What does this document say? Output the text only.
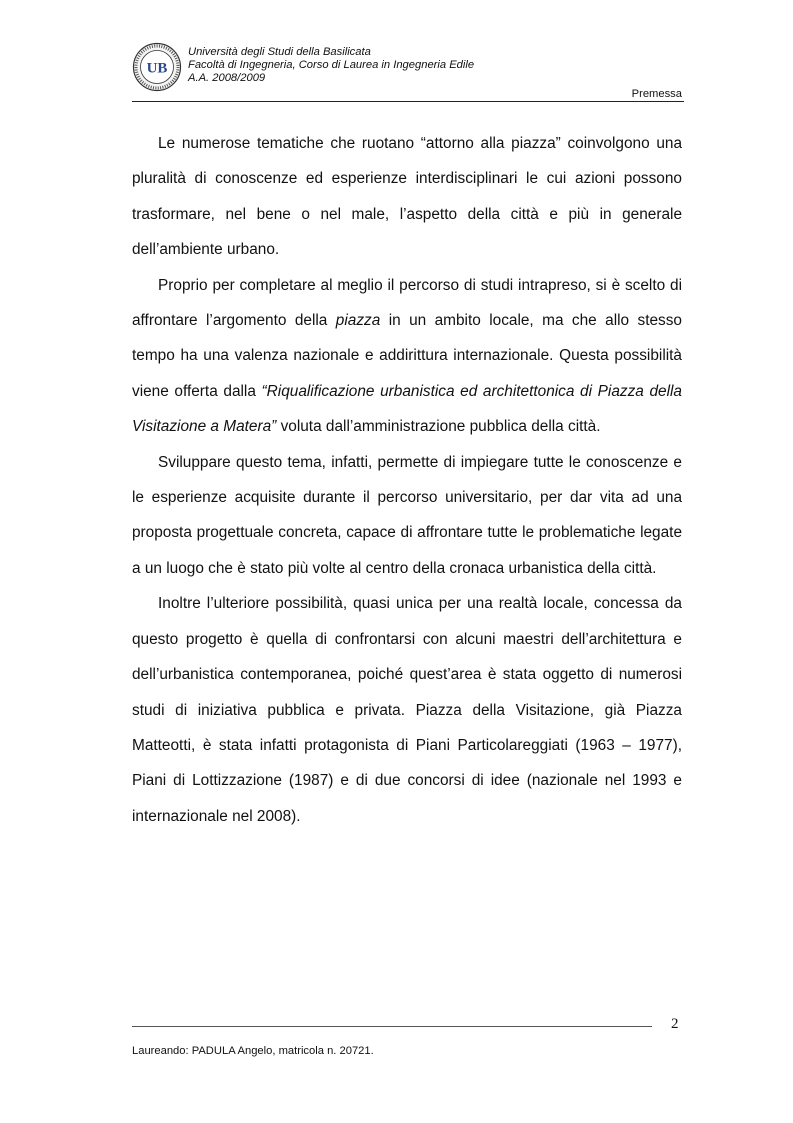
UB
Università degli Studi della Basilicata
Facoltà di Ingegneria, Corso di Laurea in Ingegneria Edile
A.A. 2008/2009
Premessa

Le numerose tematiche che ruotano “attorno alla piazza” coinvolgono una pluralità di conoscenze ed esperienze interdisciplinari le cui azioni possono trasformare, nel bene o nel male, l’aspetto della città e più in generale dell’ambiente urbano.

Proprio per completare al meglio il percorso di studi intrapreso, si è scelto di affrontare l’argomento della piazza in un ambito locale, ma che allo stesso tempo ha una valenza nazionale e addirittura internazionale. Questa possibilità viene offerta dalla “Riqualificazione urbanistica ed architettonica di Piazza della Visitazione a Matera” voluta dall’amministrazione pubblica della città.

Sviluppare questo tema, infatti, permette di impiegare tutte le conoscenze e le esperienze acquisite durante il percorso universitario, per dar vita ad una proposta progettuale concreta, capace di affrontare tutte le problematiche legate a un luogo che è stato più volte al centro della cronaca urbanistica della città.

Inoltre l’ulteriore possibilità, quasi unica per una realtà locale, concessa da questo progetto è quella di confrontarsi con alcuni maestri dell’architettura e dell’urbanistica contemporanea, poiché quest’area è stata oggetto di numerosi studi di iniziativa pubblica e privata. Piazza della Visitazione, già Piazza Matteotti, è stata infatti protagonista di Piani Particolareggiati (1963 – 1977), Piani di Lottizzazione (1987) e di due concorsi di idee (nazionale nel 1993 e internazionale nel 2008).

2
Laureando: PADULA Angelo, matricola n. 20721.
